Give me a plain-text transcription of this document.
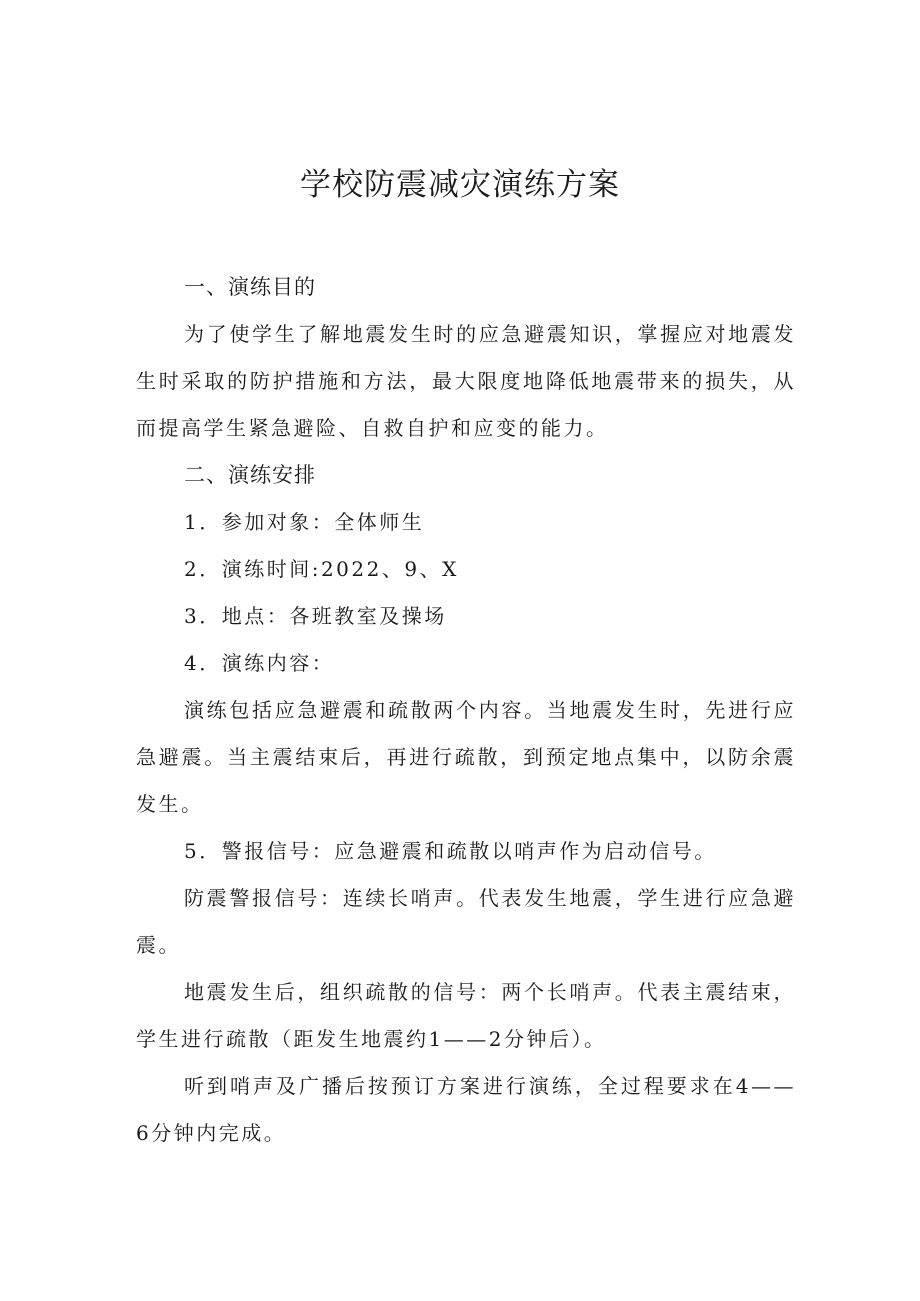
学校防震减灾演练方案
一、演练目的

为了使学生了解地震发生时的应急避震知识，掌握应对地震发生时采取的防护措施和方法，最大限度地降低地震带来的损失，从而提高学生紧急避险、自救自护和应变的能力。

二、演练安排

1．参加对象：全体师生

2．演练时间:2022、9、X

3．地点：各班教室及操场

4．演练内容：

演练包括应急避震和疏散两个内容。当地震发生时，先进行应急避震。当主震结束后，再进行疏散，到预定地点集中，以防余震发生。

5．警报信号：应急避震和疏散以哨声作为启动信号。

防震警报信号：连续长哨声。代表发生地震，学生进行应急避震。

地震发生后，组织疏散的信号：两个长哨声。代表主震结束，学生进行疏散（距发生地震约1——2分钟后）。

听到哨声及广播后按预订方案进行演练，全过程要求在4——6分钟内完成。
